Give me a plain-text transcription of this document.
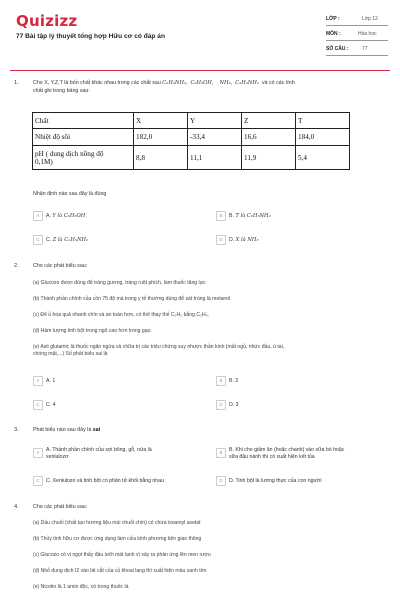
Quizizz
77 Bài tập lý thuyết tổng hợp Hữu cơ có đáp án
LỚP :	Lớp 12
MÔN :	Hóa học
SỐ CÂU :	77
1.	Cho X, Y,Z,T là bốn chất khác nhau trong các chất sau C₆H₅NH₂,  C₆H₅OH, NH₃, C₂H₅NH₂ và có các tính
chất ghi trong bảng sau:
Chất	X	Y	Z	T
Nhiệt độ sôi	182,0	-33,4	16,6	184,0

pH ( dung dịch nồng độ
0,1M)	8,8	11,1	11,9	5,4
Nhận định nào sau đây là đúng
A	A.
Y là C₆H₅OH	B	B.
T là C₆H₅NH₂
C	C.
Z là C₂H₅NH₂	D	D.
X là NH₃
2.	Cho các phát biểu sau:
(a) Glucozo được dùng để tráng gương, tráng ruột phích, làm thuốc tăng lực
(b) Thành phần chính của cồn 75 độ mà trong y tế thường dùng để sát trùng là metanol
(c) Để ủ hoa quả nhanh chín và an toàn hơn, có thể thay thế C₂H₂ bằng C₂H₄.
(d) Hàm lượng tinh bột trong ngô cao hơn trong gạo.
(e) Axit glutamic là thuốc ngăn ngừa và chữa trị các triệu chứng suy nhược thần kinh (mất ngủ, nhức đầu, ù tai,
chóng mặt,...) Số phát biểu sai là
A	A. 1	B	B. 2
C	C. 4	D	D. 3
3.	Phát biểu nào sau đây là sai
A	A. Thành phần chính của sợi bông, gỗ, nứa là
xenlulozơ
B	B. Khi cho giấm ăn (hoặc chanh) vào sữa bò hoặc
sữa đậu nành thì có xuất hiện kết tủa
C	C. Xenlulozo và tinh bột có phân tử khối bằng nhau	D	D. Tinh bột là lương thực của con người
4.	Cho các phát biểu sau:
(a) Dầu chuối (chất tạo hương liệu mùi chuối chín) có chứa isoamyl axetat
(b) Thủy tinh hữu cơ được ứng dụng làm cửa kính phương tiện giao thông
(c) Glucozo có vị ngọt thấy đầu lưỡi mát lạnh vì xảy ra phản ứng lên men rượu
(d) Nhỏ dung dịch I2 vào lát cắt của củ khoai lang thì xuất hiện màu xanh tím
(e) Nicotin là 1 amin độc, có trong thuốc lá
